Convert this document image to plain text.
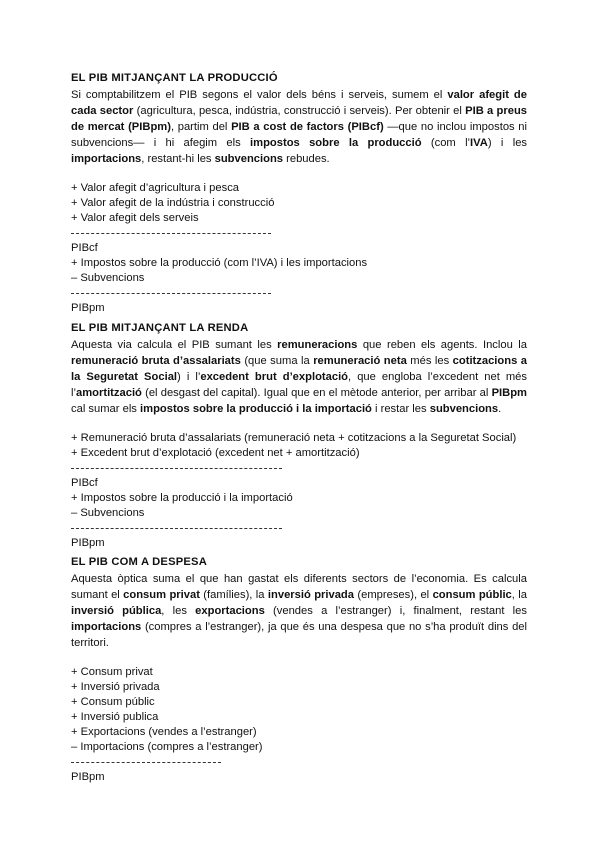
EL PIB MITJANÇANT LA PRODUCCIÓ

Si comptabilitzem el PIB segons el valor dels béns i serveis, sumem el valor afegit de cada sector (agricultura, pesca, indústria, construcció i serveis). Per obtenir el PIB a preus de mercat (PIBpm), partim del PIB a cost de factors (PIBcf) —que no inclou impostos ni subvencions— i hi afegim els impostos sobre la producció (com l’IVA) i les importacions, restant-hi les subvencions rebudes.

+ Valor afegit d’agricultura i pesca
+ Valor afegit de la indústria i construcció
+ Valor afegit dels serveis
PIBcf
+ Impostos sobre la producció (com l’IVA) i les importacions
– Subvencions
PIBpm
EL PIB MITJANÇANT LA RENDA

Aquesta via calcula el PIB sumant les remuneracions que reben els agents. Inclou la remuneració bruta d’assalariats (que suma la remuneració neta més les cotitzacions a la Seguretat Social) i l’excedent brut d’explotació, que engloba l’excedent net més l’amortització (el desgast del capital). Igual que en el mètode anterior, per arribar al PIBpm cal sumar els impostos sobre la producció i la importació i restar les subvencions.

+ Remuneració bruta d’assalariats (remuneració neta + cotitzacions a la Seguretat Social)
+ Excedent brut d’explotació (excedent net + amortització)
PIBcf
+ Impostos sobre la producció i la importació
– Subvencions
PIBpm
EL PIB COM A DESPESA

Aquesta òptica suma el que han gastat els diferents sectors de l’economia. Es calcula sumant el consum privat (famílies), la inversió privada (empreses), el consum públic, la inversió pública, les exportacions (vendes a l’estranger) i, finalment, restant les importacions (compres a l’estranger), ja que és una despesa que no s’ha produït dins del territori.

+ Consum privat
+ Inversió privada
+ Consum públic
+ Inversió publica
+ Exportacions (vendes a l’estranger)
– Importacions (compres a l’estranger)
PIBpm
